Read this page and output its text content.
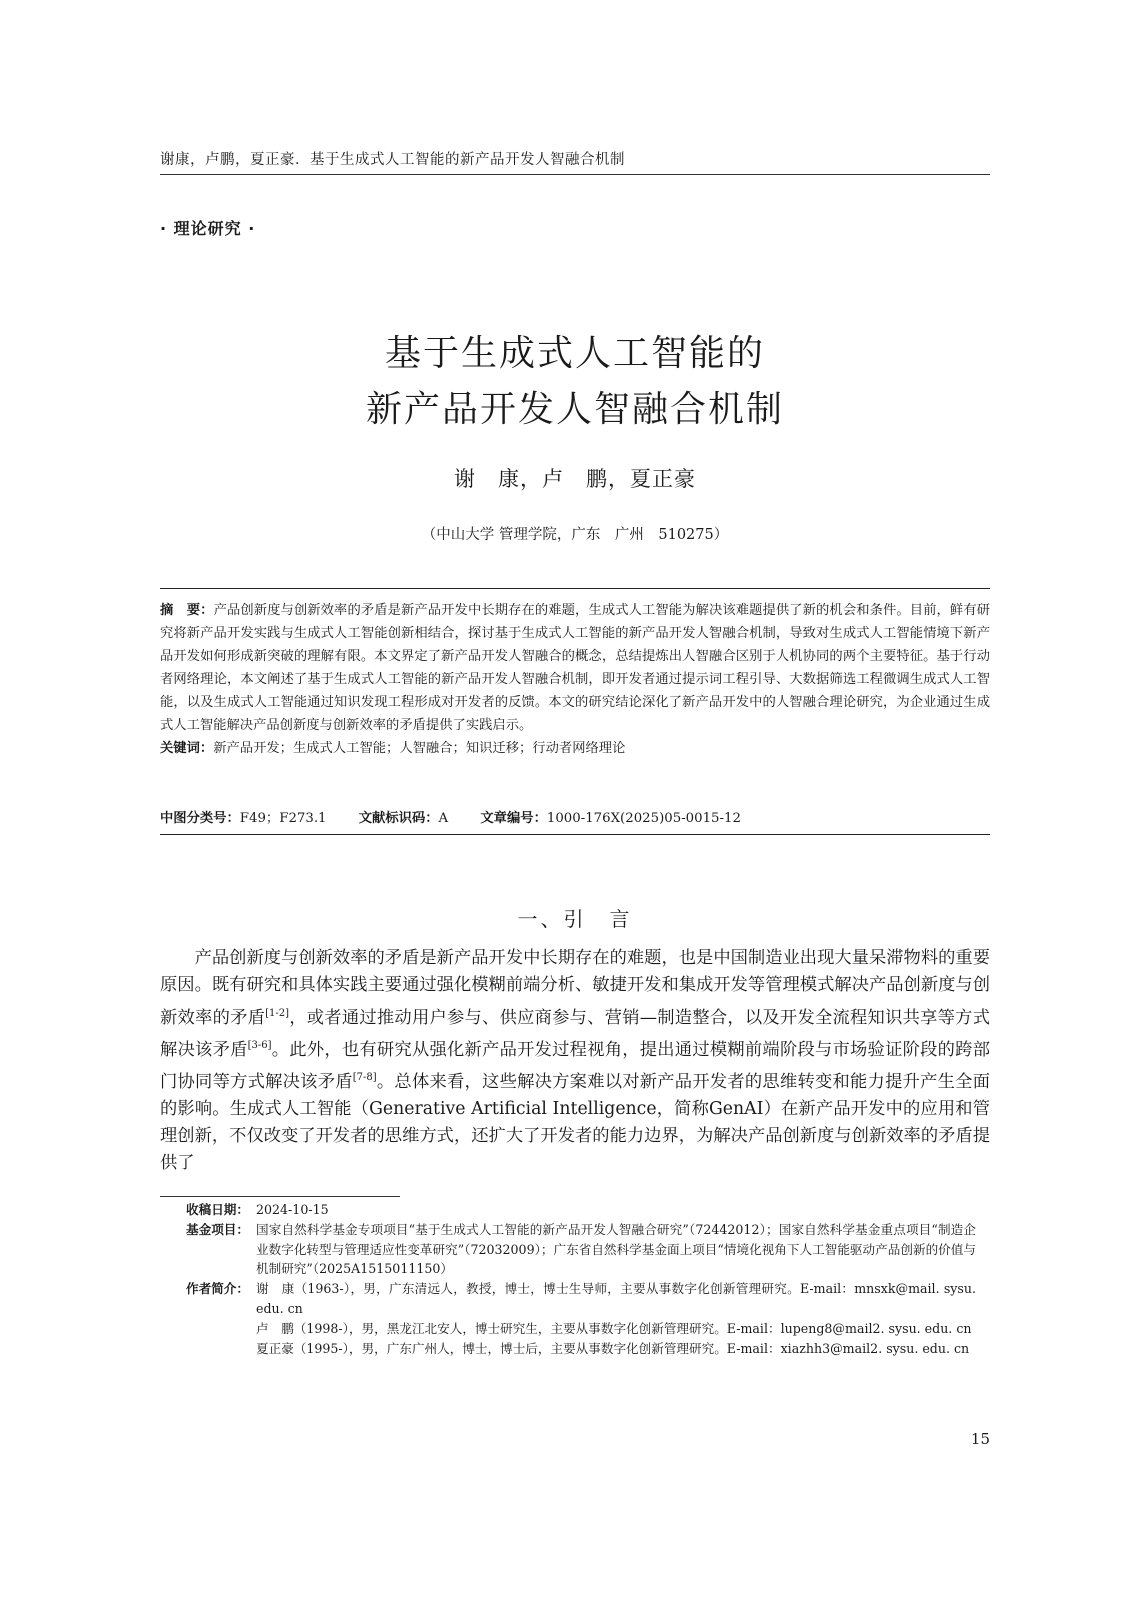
谢康，卢鹏，夏正豪．基于生成式人工智能的新产品开发人智融合机制
· 理论研究 ·
基于生成式人工智能的
新产品开发人智融合机制
谢　康，卢　鹏，夏正豪
（中山大学 管理学院，广东　广州　510275）
摘　要：产品创新度与创新效率的矛盾是新产品开发中长期存在的难题，生成式人工智能为解决该难题提供了新的机会和条件。目前，鲜有研究将新产品开发实践与生成式人工智能创新相结合，探讨基于生成式人工智能的新产品开发人智融合机制，导致对生成式人工智能情境下新产品开发如何形成新突破的理解有限。本文界定了新产品开发人智融合的概念，总结提炼出人智融合区别于人机协同的两个主要特征。基于行动者网络理论，本文阐述了基于生成式人工智能的新产品开发人智融合机制，即开发者通过提示词工程引导、大数据筛选工程微调生成式人工智能，以及生成式人工智能通过知识发现工程形成对开发者的反馈。本文的研究结论深化了新产品开发中的人智融合理论研究，为企业通过生成式人工智能解决产品创新度与创新效率的矛盾提供了实践启示。
关键词：新产品开发；生成式人工智能；人智融合；知识迁移；行动者网络理论
中图分类号：F49；F273.1 文献标识码：A 文章编号：1000-176X(2025)05-0015-12
一、引　言
产品创新度与创新效率的矛盾是新产品开发中长期存在的难题，也是中国制造业出现大量呆滞物料的重要原因。既有研究和具体实践主要通过强化模糊前端分析、敏捷开发和集成开发等管理模式解决产品创新度与创新效率的矛盾[1-2]，或者通过推动用户参与、供应商参与、营销—制造整合，以及开发全流程知识共享等方式解决该矛盾[3-6]。此外，也有研究从强化新产品开发过程视角，提出通过模糊前端阶段与市场验证阶段的跨部门协同等方式解决该矛盾[7-8]。总体来看，这些解决方案难以对新产品开发者的思维转变和能力提升产生全面的影响。生成式人工智能（Generative Artificial Intelligence，简称GenAI）在新产品开发中的应用和管理创新，不仅改变了开发者的思维方式，还扩大了开发者的能力边界，为解决产品创新度与创新效率的矛盾提供了
收稿日期： 2024-10-15
基金项目： 国家自然科学基金专项项目“基于生成式人工智能的新产品开发人智融合研究”（72442012）；国家自然科学基金重点项目“制造企业数字化转型与管理适应性变革研究”（72032009）；广东省自然科学基金面上项目“情境化视角下人工智能驱动产品创新的价值与机制研究”（2025A1515011150）
作者简介： 谢　康（1963-），男，广东清远人，教授，博士，博士生导师，主要从事数字化创新管理研究。E-mail：mnsxk@mail. sysu. edu. cn
卢　鹏（1998-），男，黑龙江北安人，博士研究生，主要从事数字化创新管理研究。E-mail：lupeng8@mail2. sysu. edu. cn
夏正豪（1995-），男，广东广州人，博士，博士后，主要从事数字化创新管理研究。E-mail：xiazhh3@mail2. sysu. edu. cn
15
